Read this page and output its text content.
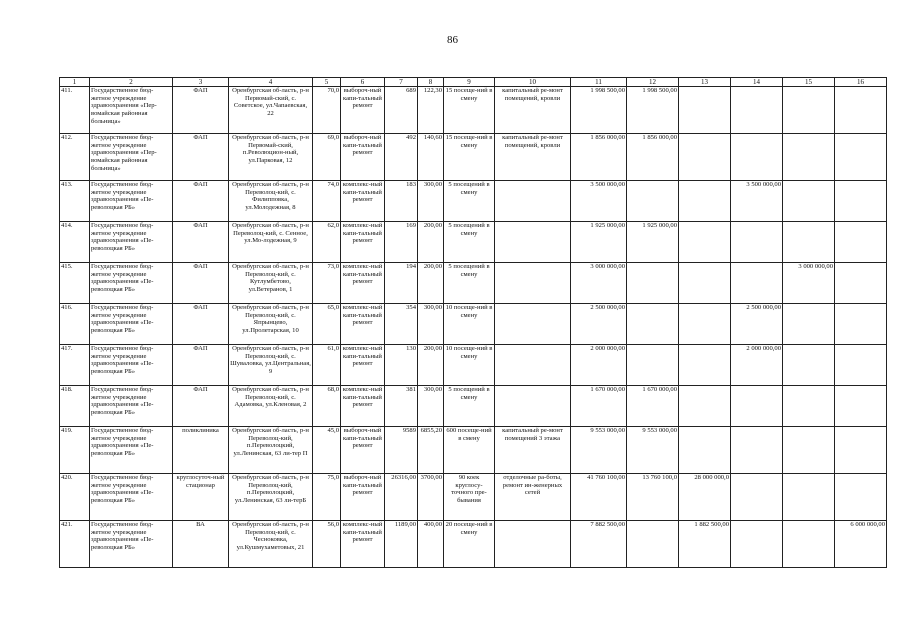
86
1	2	3	4	5	6	7	8	9	10	11	12	13	14	15	16
411.	Государственное бюд-жетное учреждение здравоохранения «Пер-вомайская районная больница»	ФАП	Оренбургская об-ласть, р-н Первомай-ский, с. Советское, ул.Чапаевская, 22	70,0	выбороч-ный капи-тальный ремонт	689	122,30	15 посеще-ний в смену	капитальный ре-монт помещений, кровли	1 998 500,00	1 998 500,00				
412.	Государственное бюд-жетное учреждение здравоохранения «Пер-вомайская районная больница»	ФАП	Оренбургская об-ласть, р-н Первомай-ский, п.Революцион-ный, ул.Парковая, 12	69,0	выбороч-ный капи-тальный ремонт	492	140,60	15 посеще-ний в смену	капитальный ре-монт помещений, кровли	1 856 000,00	1 856 000,00				
413.	Государственное бюд-жетное учреждение здравоохранения «Пе-револоцкая РБ»	ФАП	Оренбургская об-ласть, р-н Переволоц-кий, с. Филипповка, ул.Молодежная, 8	74,0	комплекс-ный капи-тальный ремонт	183	300,00	5 посещений в смену		3 500 000,00			3 500 000,00		
414.	Государственное бюд-жетное учреждение здравоохранения «Пе-револоцкая РБ»	ФАП	Оренбургская об-ласть, р-н Переволоц-кий, с. Сенное, ул.Мо-лодежная, 9	62,0	комплекс-ный капи-тальный ремонт	169	200,00	5 посещений в смену		1 925 000,00	1 925 000,00				
415.	Государственное бюд-жетное учреждение здравоохранения «Пе-револоцкая РБ»	ФАП	Оренбургская об-ласть, р-н Переволоц-кий, с. Кутлумбетово, ул.Ветеранов, 1	73,0	комплекс-ный капи-тальный ремонт	194	200,00	5 посещений в смену		3 000 000,00				3 000 000,00	
416.	Государственное бюд-жетное учреждение здравоохранения «Пе-револоцкая РБ»	ФАП	Оренбургская об-ласть, р-н Переволоц-кий, с. Япрынцево, ул.Пролетарская, 10	65,0	комплекс-ный капи-тальный ремонт	354	300,00	10 посеще-ний в смену		2 500 000,00			2 500 000,00		
417.	Государственное бюд-жетное учреждение здравоохранения «Пе-револоцкая РБ»	ФАП	Оренбургская об-ласть, р-н Переволоц-кий, с. Шуваловка, ул.Центральная, 9	61,0	комплекс-ный капи-тальный ремонт	130	200,00	10 посеще-ний в смену		2 000 000,00			2 000 000,00		
418.	Государственное бюд-жетное учреждение здравоохранения «Пе-револоцкая РБ»	ФАП	Оренбургская об-ласть, р-н Переволоц-кий, с. Адамовка, ул.Кленовая, 2	68,0	комплекс-ный капи-тальный ремонт	381	300,00	5 посещений в смену		1 670 000,00	1 670 000,00				
419.	Государственное бюд-жетное учреждение здравоохранения «Пе-револоцкая РБ»	поликлиника	Оренбургская об-ласть, р-н Переволоц-кий, п.Переволоцкий, ул.Ленинская, 63 ли-тер П	45,0	выбороч-ный капи-тальный ремонт	9589	6855,20	600 посеще-ний в смену	капитальный ре-монт помещений 3 этажа	9 553 000,00	9 553 000,00				
420.	Государственное бюд-жетное учреждение здравоохранения «Пе-револоцкая РБ»	круглосуточ-ный стационар	Оренбургская об-ласть, р-н Переволоц-кий, п.Переволоцкий, ул.Ленинская, 63 ли-терБ	75,0	выбороч-ный капи-тальный ремонт	26316,00	3700,00	90 коек круглосу-точного пре-бывания	отделочные ра-боты, ремонт ин-женерных сетей	41 760 100,00	13 760 100,0	28 000 000,0			
421.	Государственное бюд-жетное учреждение здравоохранения «Пе-револоцкая РБ»	ВА	Оренбургская об-ласть, р-н Переволоц-кий, с. Чесноковка, ул.Кушмухаметовых, 21	56,0	комплекс-ный капи-тальный ремонт	1189,00	400,00	20 посеще-ний в смену		7 882 500,00		1 882 500,00			6 000 000,00
